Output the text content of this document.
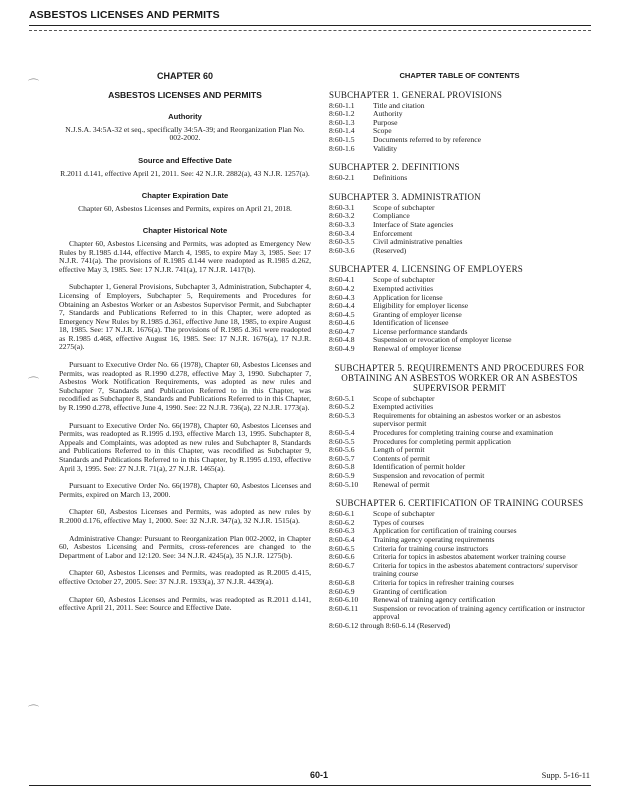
ASBESTOS LICENSES AND PERMITS
⌒
⌒
⌒
CHAPTER 60
ASBESTOS LICENSES AND PERMITS
Authority
N.J.S.A. 34:5A-32 et seq., specifically 34:5A-39; and Reorganization Plan No. 002-2002.
Source and Effective Date
R.2011 d.141, effective April 21, 2011. See: 42 N.J.R. 2882(a), 43 N.J.R. 1257(a).
Chapter Expiration Date
Chapter 60, Asbestos Licenses and Permits, expires on April 21, 2018.
Chapter Historical Note

Chapter 60, Asbestos Licensing and Permits, was adopted as Emergency New Rules by R.1985 d.144, effective March 4, 1985, to expire May 3, 1985. See: 17 N.J.R. 741(a). The provisions of R.1985 d.144 were readopted as R.1985 d.262, effective May 3, 1985. See: 17 N.J.R. 741(a), 17 N.J.R. 1417(b).

Subchapter 1, General Provisions, Subchapter 3, Administration, Subchapter 4, Licensing of Employers, Subchapter 5, Requirements and Procedures for Obtaining an Asbestos Worker or an Asbestos Supervisor Permit, and Subchapter 7, Standards and Publications Referred to in this Chapter, were adopted as Emergency New Rules by R.1985 d.361, effective June 18, 1985, to expire August 18, 1985. See: 17 N.J.R. 1676(a). The provisions of R.1985 d.361 were readopted as R.1985 d.468, effective August 16, 1985. See: 17 N.J.R. 1676(a), 17 N.J.R. 2275(a).

Pursuant to Executive Order No. 66 (1978), Chapter 60, Asbestos Licenses and Permits, was readopted as R.1990 d.278, effective May 3, 1990. Subchapter 7, Asbestos Work Notification Requirements, was adopted as new rules and Subchapter 7, Standards and Publication Referred to in this Chapter, was recodified as Subchapter 8, Standards and Publications Referred to in this Chapter, by R.1990 d.278, effective June 4, 1990. See: 22 N.J.R. 736(a), 22 N.J.R. 1773(a).

Pursuant to Executive Order No. 66(1978), Chapter 60, Asbestos Licenses and Permits, was readopted as R.1995 d.193, effective March 13, 1995. Subchapter 8, Appeals and Complaints, was adopted as new rules and Subchapter 8, Standards and Publications Referred to in this Chapter, was recodified as Subchapter 9, Standards and Publications Referred to in this Chapter, by R.1995 d.193, effective April 3, 1995. See: 27 N.J.R. 71(a), 27 N.J.R. 1465(a).

Pursuant to Executive Order No. 66(1978), Chapter 60, Asbestos Licenses and Permits, expired on March 13, 2000.

Chapter 60, Asbestos Licenses and Permits, was adopted as new rules by R.2000 d.176, effective May 1, 2000. See: 32 N.J.R. 347(a), 32 N.J.R. 1515(a).

Administrative Change: Pursuant to Reorganization Plan 002-2002, in Chapter 60, Asbestos Licensing and Permits, cross-references are changed to the Department of Labor and 12:120. See: 34 N.J.R. 4245(a), 35 N.J.R. 1275(b).

Chapter 60, Asbestos Licenses and Permits, was readopted as R.2005 d.415, effective October 27, 2005. See: 37 N.J.R. 1933(a), 37 N.J.R. 4439(a).

Chapter 60, Asbestos Licenses and Permits, was readopted as R.2011 d.141, effective April 21, 2011. See: Source and Effective Date.

CHAPTER TABLE OF CONTENTS
SUBCHAPTER 1. GENERAL PROVISIONS
8:60-1.1	Title and citation
8:60-1.2	Authority
8:60-1.3	Purpose
8:60-1.4	Scope
8:60-1.5	Documents referred to by reference
8:60-1.6	Validity
SUBCHAPTER 2. DEFINITIONS
8:60-2.1	Definitions
SUBCHAPTER 3. ADMINISTRATION
8:60-3.1	Scope of subchapter
8:60-3.2	Compliance
8:60-3.3	Interface of State agencies
8:60-3.4	Enforcement
8:60-3.5	Civil administrative penalties
8:60-3.6	(Reserved)
SUBCHAPTER 4. LICENSING OF EMPLOYERS
8:60-4.1	Scope of subchapter
8:60-4.2	Exempted activities
8:60-4.3	Application for license
8:60-4.4	Eligibility for employer license
8:60-4.5	Granting of employer license
8:60-4.6	Identification of licensee
8:60-4.7	License performance standards
8:60-4.8	Suspension or revocation of employer license
8:60-4.9	Renewal of employer license
SUBCHAPTER 5. REQUIREMENTS AND PROCEDURES FOR OBTAINING AN ASBESTOS WORKER OR AN ASBESTOS SUPERVISOR PERMIT
8:60-5.1	Scope of subchapter
8:60-5.2	Exempted activities
8:60-5.3	Requirements for obtaining an asbestos worker or an asbestos supervisor permit
8:60-5.4	Procedures for completing training course and examination
8:60-5.5	Procedures for completing permit application
8:60-5.6	Length of permit
8:60-5.7	Contents of permit
8:60-5.8	Identification of permit holder
8:60-5.9	Suspension and revocation of permit
8:60-5.10	Renewal of permit
SUBCHAPTER 6. CERTIFICATION OF TRAINING COURSES
8:60-6.1	Scope of subchapter
8:60-6.2	Types of courses
8:60-6.3	Application for certification of training courses
8:60-6.4	Training agency operating requirements
8:60-6.5	Criteria for training course instructors
8:60-6.6	Criteria for topics in asbestos abatement worker training course
8:60-6.7	Criteria for topics in the asbestos abatement contractors/ supervisor training course
8:60-6.8	Criteria for topics in refresher training courses
8:60-6.9	Granting of certification
8:60-6.10	Renewal of training agency certification
8:60-6.11	Suspension or revocation of training agency certification or instructor approval
8:60-6.12 through 8:60-6.14 (Reserved)
60-1	Supp. 5-16-11
